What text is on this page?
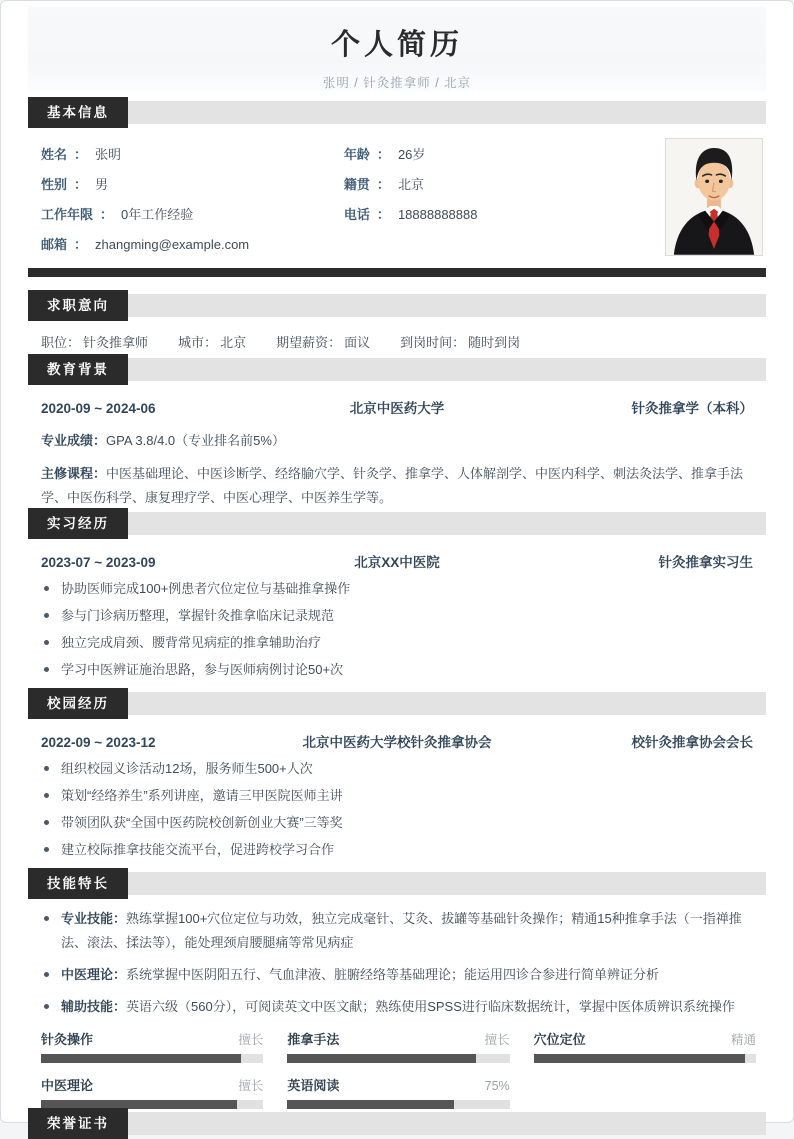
个人简历
张明 / 针灸推拿师 / 北京
基本信息
姓名 ： 张明	年龄 ： 26岁
性别 ： 男	籍贯 ： 北京
工作年限 ： 0年工作经验	电话 ： 18888888888
邮箱 ： zhangming@example.com
求职意向
职位： 针灸推拿师 城市： 北京 期望薪资： 面议 到岗时间： 随时到岗
教育背景
2020-09 ~ 2024-06	北京中医药大学	针灸推拿学（本科）

专业成绩：GPA 3.8/4.0（专业排名前5%）

主修课程：中医基础理论、中医诊断学、经络腧穴学、针灸学、推拿学、人体解剖学、中医内科学、刺法灸法学、推拿手法学、中医伤科学、康复理疗学、中医心理学、中医养生学等。

实习经历
2023-07 ~ 2023-09	北京XX中医院	针灸推拿实习生
协助医师完成100+例患者穴位定位与基础推拿操作
参与门诊病历整理，掌握针灸推拿临床记录规范
独立完成肩颈、腰背常见病症的推拿辅助治疗
学习中医辨证施治思路，参与医师病例讨论50+次
校园经历
2022-09 ~ 2023-12	北京中医药大学校针灸推拿协会	校针灸推拿协会会长
组织校园义诊活动12场，服务师生500+人次
策划“经络养生”系列讲座，邀请三甲医院医师主讲
带领团队获“全国中医药院校创新创业大赛”三等奖
建立校际推拿技能交流平台，促进跨校学习合作
技能特长
专业技能：熟练掌握100+穴位定位与功效，独立完成毫针、艾灸、拔罐等基础针灸操作；精通15种推拿手法（一指禅推法、滚法、揉法等），能处理颈肩腰腿痛等常见病症
中医理论：系统掌握中医阴阳五行、气血津液、脏腑经络等基础理论；能运用四诊合参进行简单辨证分析
辅助技能：英语六级（560分），可阅读英文中医文献；熟练使用SPSS进行临床数据统计，掌握中医体质辨识系统操作
针灸操作	擅长 推拿手法	擅长 穴位定位	精通
中医理论	擅长 英语阅读	75%
荣誉证书
